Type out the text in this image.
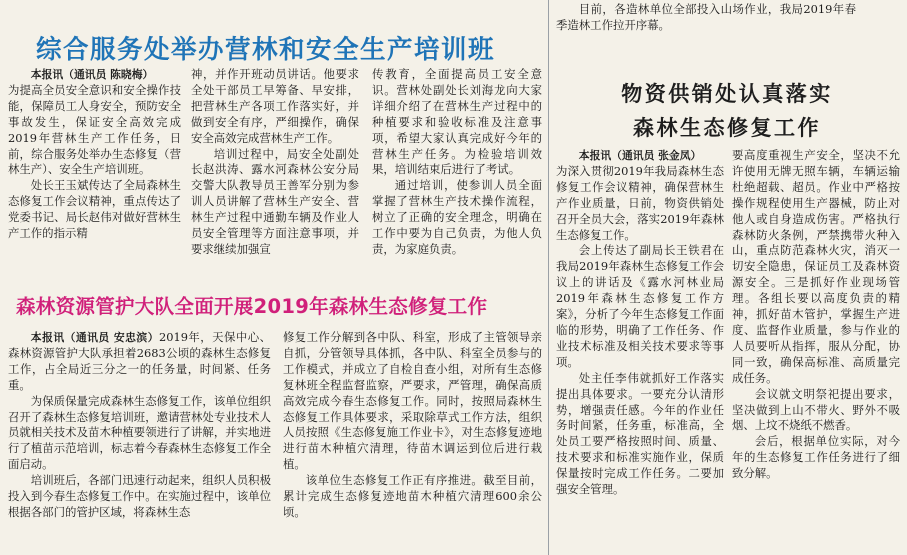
综合服务处举办营林和安全生产培训班

本报讯（通讯员 陈晓梅）

为提高全员安全意识和安全操作技能，保障员工人身安全，预防安全事故发生，保证安全高效完成2019年营林生产工作任务，日前，综合服务处举办生态修复（营林生产）、安全生产培训班。

处长王玉斌传达了全局森林生态修复工作会议精神，重点传达了党委书记、局长赵伟对做好营林生产工作的指示精

神，并作开班动员讲话。他要求全处干部员工早筹备、早安排，把营林生产各项工作落实好，并做到安全有序，严细操作，确保安全高效完成营林生产工作。

培训过程中，局安全处副处长赵洪涛、露水河森林公安分局交警大队教导员王善军分别为参训人员讲解了营林生产安全、营林生产过程中通勤车辆及作业人员安全管理等方面注意事项，并要求继续加强宣

传教育，全面提高员工安全意识。营林处副处长刘海龙向大家详细介绍了在营林生产过程中的种植要求和验收标准及注意事项，希望大家认真完成好今年的营林生产任务。为检验培训效果，培训结束后进行了考试。

通过培训，使参训人员全面掌握了营林生产技术操作流程，树立了正确的安全理念，明确在工作中要为自己负责，为他人负责，为家庭负责。

森林资源管护大队全面开展2019年森林生态修复工作

本报讯（通讯员 安忠滨）2019年，天保中心、森林资源管护大队承担着2683公顷的森林生态修复工作，占全局近三分之一的任务量，时间紧、任务重。

为保质保量完成森林生态修复工作，该单位组织召开了森林生态修复培训班，邀请营林处专业技术人员就相关技术及苗木种植要领进行了讲解，并实地进行了植苗示范培训，标志着今春森林生态修复工作全面启动。

培训班后，各部门迅速行动起来，组织人员积极投入到今春生态修复工作中。在实施过程中，该单位根据各部门的管护区域，将森林生态

修复工作分解到各中队、科室，形成了主管领导亲自抓，分管领导具体抓，各中队、科室全员参与的工作模式，并成立了自检自查小组，对所有生态修复林班全程监督监察，严要求，严管理，确保高质高效完成今春生态修复工作。同时，按照局森林生态修复工作具体要求，采取除草式工作方法，组织人员按照《生态修复施工作业卡》，对生态修复迹地进行苗木种植穴清理，待苗木调运到位后进行栽植。

该单位生态修复工作正有序推进。截至目前，累计完成生态修复迹地苗木种植穴清理600余公顷。

目前，各造林单位全部投入山场作业，我局2019年春季造林工作拉开序幕。

物资供销处认真落实
森林生态修复工作

本报讯（通讯员 张金凤）

为深入贯彻2019年我局森林生态修复工作会议精神，确保营林生产作业质量，日前，物资供销处召开全员大会，落实2019年森林生态修复工作。

会上传达了副局长王铁君在我局2019年森林生态修复工作会议上的讲话及《露水河林业局2019年森林生态修复工作方案》，分析了今年生态修复工作面临的形势，明确了工作任务、作业技术标准及相关技术要求等事项。

处主任李伟就抓好工作落实提出具体要求。一要充分认清形势，增强责任感。今年的作业任务时间紧，任务重，标准高，全处员工要严格按照时间、质量、技术要求和标准实施作业，保质保量按时完成工作任务。二要加强安全管理。

要高度重视生产安全，坚决不允许使用无牌无照车辆，车辆运输杜绝超载、超员。作业中严格按操作规程使用生产器械，防止对他人或自身造成伤害。严格执行森林防火条例，严禁携带火种入山，重点防范森林火灾，消灭一切安全隐患，保证员工及森林资源安全。三是抓好作业现场管理。各组长要以高度负责的精神，抓好苗木管护，掌握生产进度、监督作业质量，参与作业的人员要听从指挥，服从分配，协同一致，确保高标准、高质量完成任务。

会议就文明祭祀提出要求，坚决做到上山不带火、野外不吸烟、上坟不烧纸不燃香。

会后，根据单位实际，对今年的生态修复工作任务进行了细致分解。
